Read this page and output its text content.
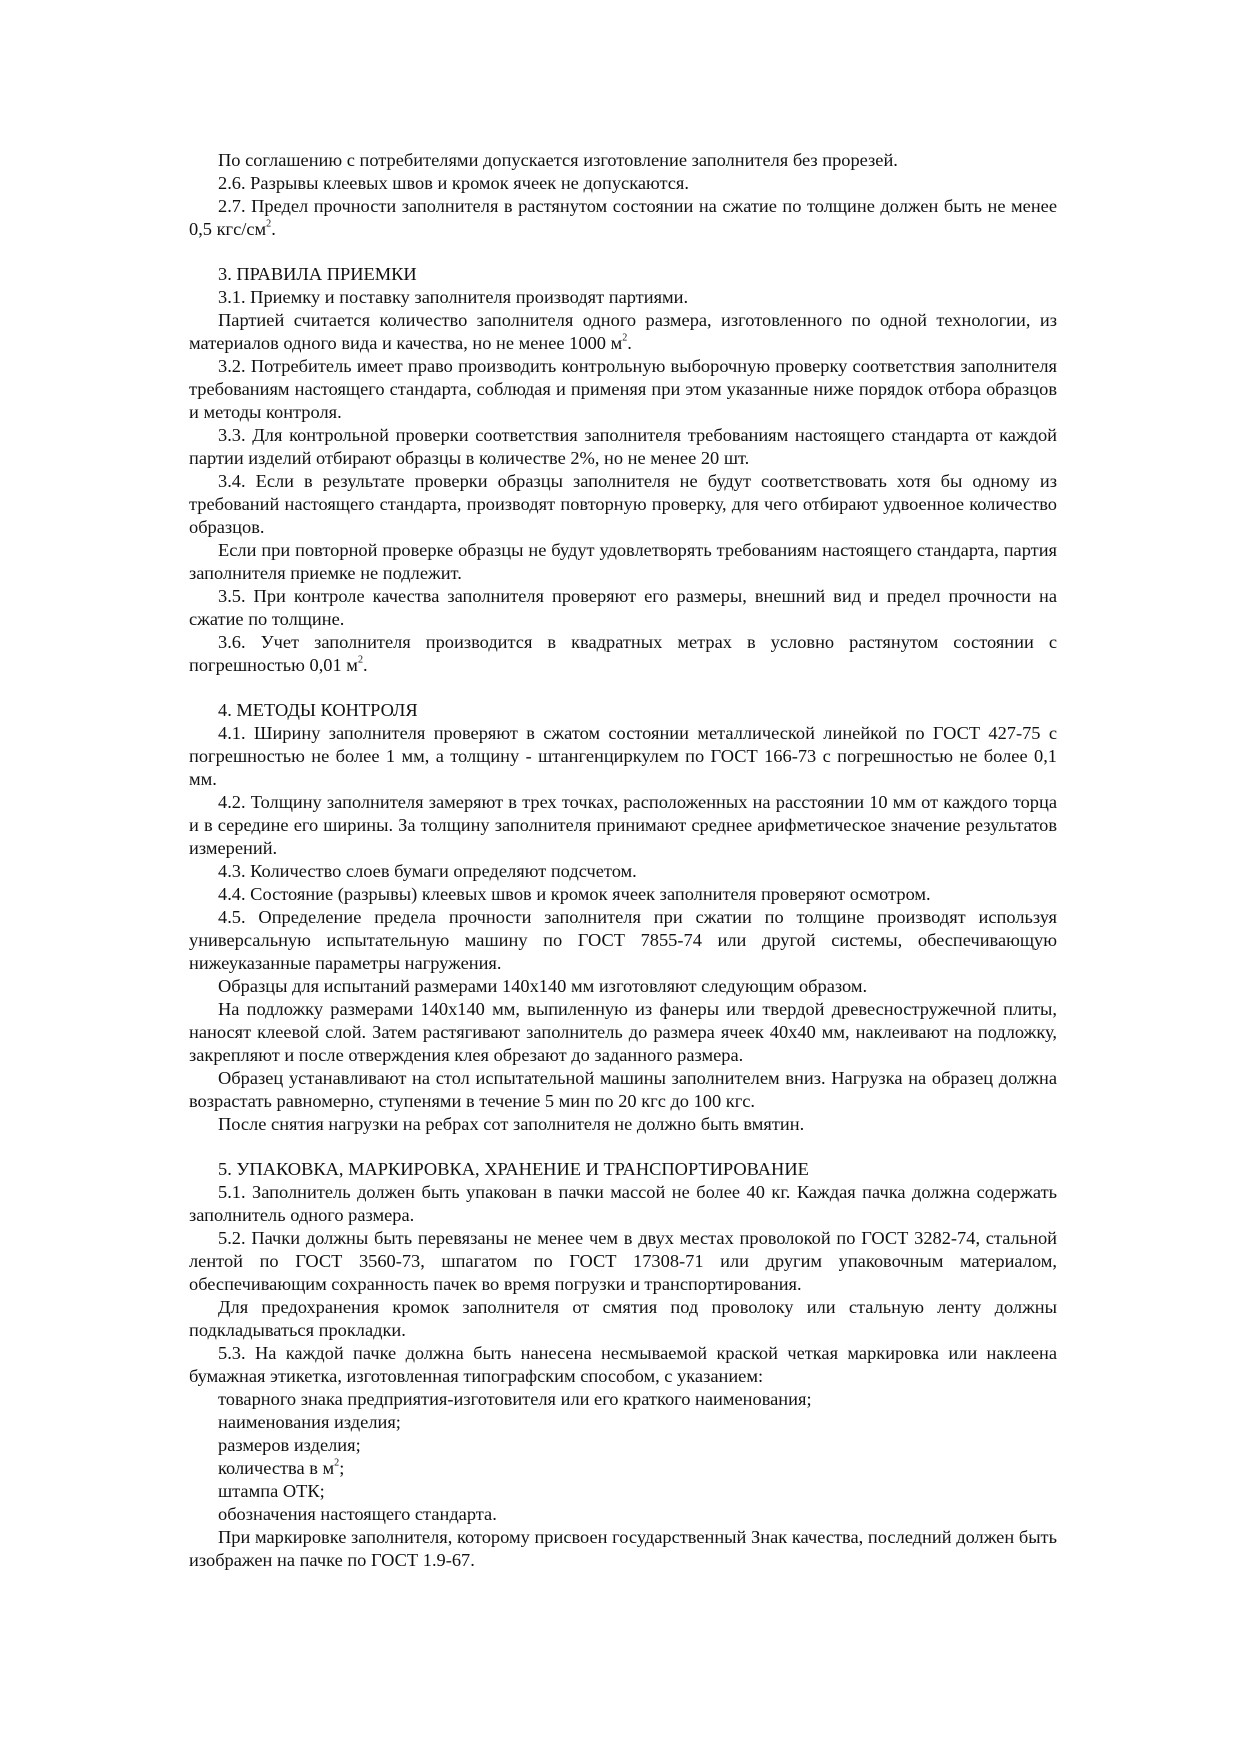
По соглашению с потребителями допускается изготовление заполнителя без прорезей.

2.6. Разрывы клеевых швов и кромок ячеек не допускаются.

2.7. Предел прочности заполнителя в растянутом состоянии на сжатие по толщине должен быть не менее 0,5 кгс/$см^2$.

3. ПРАВИЛА ПРИЕМКИ

3.1. Приемку и поставку заполнителя производят партиями.

Партией считается количество заполнителя одного размера, изготовленного по одной технологии, из материалов одного вида и качества, но не менее 1000 $м^2$.

3.2. Потребитель имеет право производить контрольную выборочную проверку соответствия заполнителя требованиям настоящего стандарта, соблюдая и применяя при этом указанные ниже порядок отбора образцов и методы контроля.

3.3. Для контрольной проверки соответствия заполнителя требованиям настоящего стандарта от каждой партии изделий отбирают образцы в количестве 2%, но не менее 20 шт.

3.4. Если в результате проверки образцы заполнителя не будут соответствовать хотя бы одному из требований настоящего стандарта, производят повторную проверку, для чего отбирают удвоенное количество образцов.

Если при повторной проверке образцы не будут удовлетворять требованиям настоящего стандарта, партия заполнителя приемке не подлежит.

3.5. При контроле качества заполнителя проверяют его размеры, внешний вид и предел прочности на сжатие по толщине.

3.6. Учет заполнителя производится в квадратных метрах в условно растянутом состоянии с погрешностью 0,01 $м^2$.

4. МЕТОДЫ КОНТРОЛЯ

4.1. Ширину заполнителя проверяют в сжатом состоянии металлической линейкой по ГОСТ 427-75 с погрешностью не более 1 мм, а толщину - штангенциркулем по ГОСТ 166-73 с погрешностью не более 0,1 мм.

4.2. Толщину заполнителя замеряют в трех точках, расположенных на расстоянии 10 мм от каждого торца и в середине его ширины. За толщину заполнителя принимают среднее арифметическое значение результатов измерений.

4.3. Количество слоев бумаги определяют подсчетом.

4.4. Состояние (разрывы) клеевых швов и кромок ячеек заполнителя проверяют осмотром.

4.5. Определение предела прочности заполнителя при сжатии по толщине производят используя универсальную испытательную машину по ГОСТ 7855-74 или другой системы, обеспечивающую нижеуказанные параметры нагружения.

Образцы для испытаний размерами 140х140 мм изготовляют следующим образом.

На подложку размерами 140х140 мм, выпиленную из фанеры или твердой древесностружечной плиты, наносят клеевой слой. Затем растягивают заполнитель до размера ячеек 40х40 мм, наклеивают на подложку, закрепляют и после отверждения клея обрезают до заданного размера.

Образец устанавливают на стол испытательной машины заполнителем вниз. Нагрузка на образец должна возрастать равномерно, ступенями в течение 5 мин по 20 кгс до 100 кгс.

После снятия нагрузки на ребрах сот заполнителя не должно быть вмятин.

5. УПАКОВКА, МАРКИРОВКА, ХРАНЕНИЕ И ТРАНСПОРТИРОВАНИЕ

5.1. Заполнитель должен быть упакован в пачки массой не более 40 кг. Каждая пачка должна содержать заполнитель одного размера.

5.2. Пачки должны быть перевязаны не менее чем в двух местах проволокой по ГОСТ 3282-74, стальной лентой по ГОСТ 3560-73, шпагатом по ГОСТ 17308-71 или другим упаковочным материалом, обеспечивающим сохранность пачек во время погрузки и транспортирования.

Для предохранения кромок заполнителя от смятия под проволоку или стальную ленту должны подкладываться прокладки.

5.3. На каждой пачке должна быть нанесена несмываемой краской четкая маркировка или наклеена бумажная этикетка, изготовленная типографским способом, с указанием:

товарного знака предприятия-изготовителя или его краткого наименования;

наименования изделия;

размеров изделия;

количества в $м^2$;

штампа ОТК;

обозначения настоящего стандарта.

При маркировке заполнителя, которому присвоен государственный Знак качества, последний должен быть изображен на пачке по ГОСТ 1.9-67.
